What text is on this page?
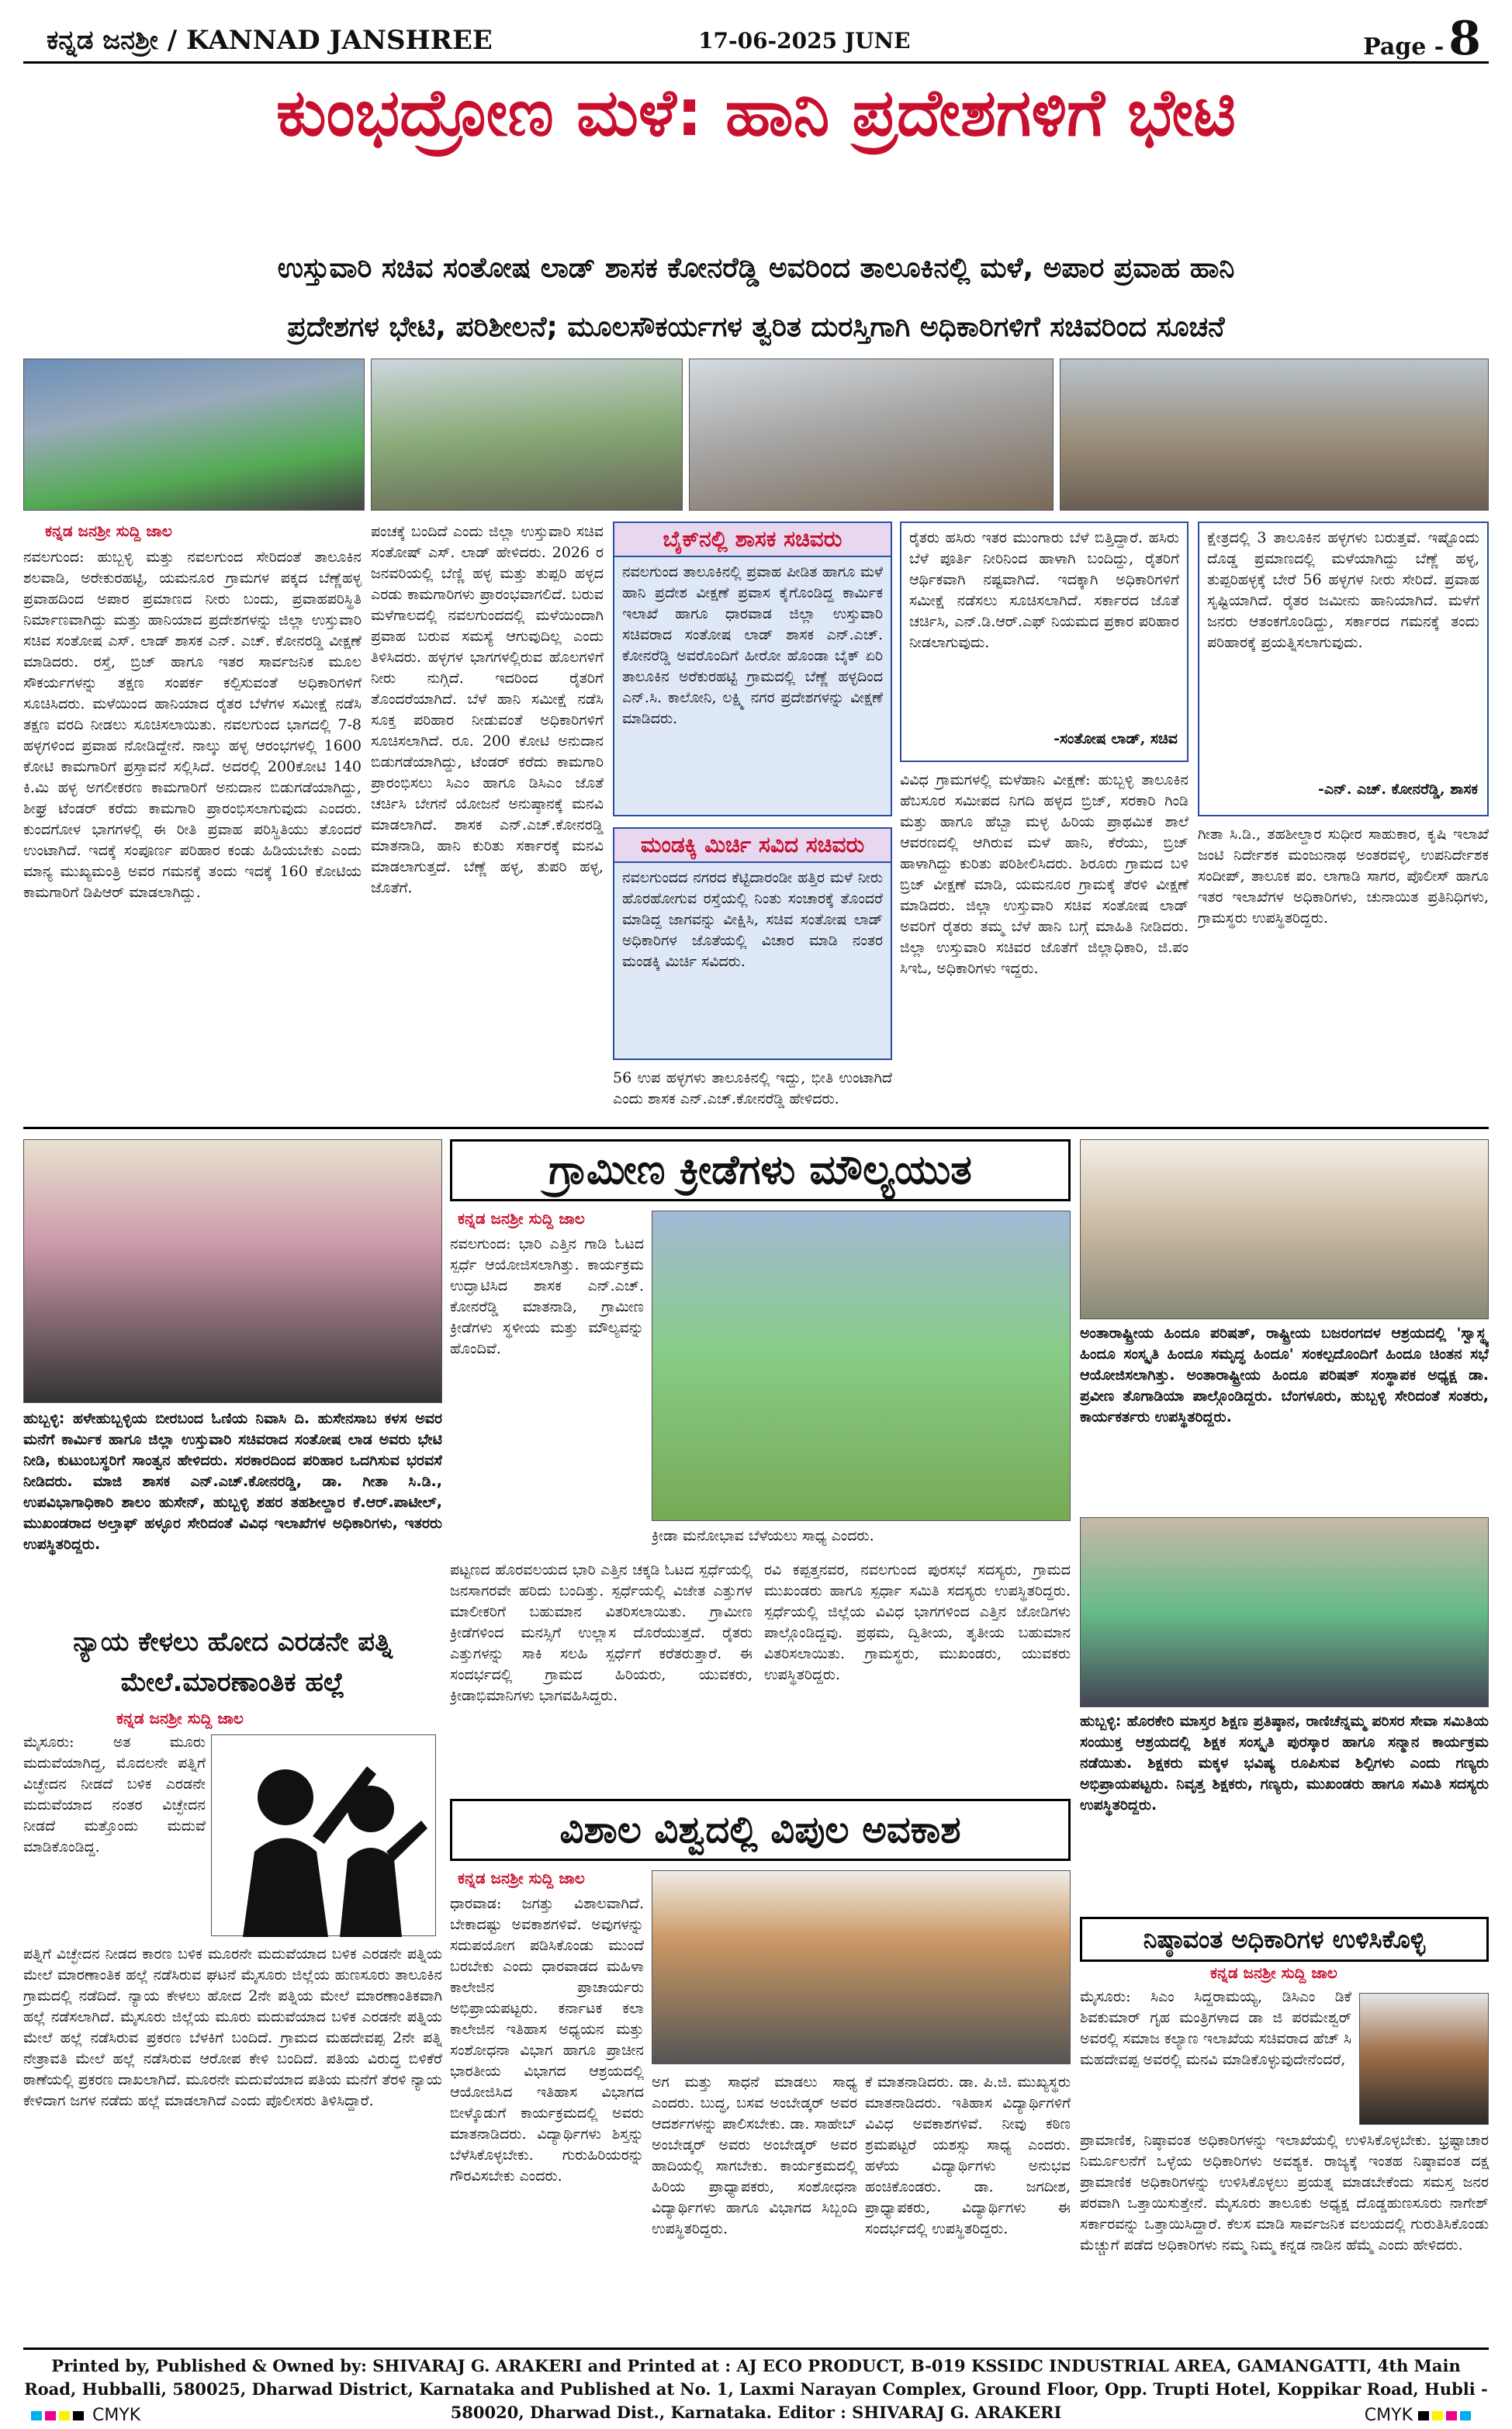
ಕನ್ನಡ ಜನಶ್ರೀ / KANNAD JANSHREE	17-06-2025 JUNE	Page - 8
ಕುಂಭದ್ರೋಣ ಮಳೆ: ಹಾನಿ ಪ್ರದೇಶಗಳಿಗೆ ಭೇಟಿ
ಉಸ್ತುವಾರಿ ಸಚಿವ ಸಂತೋಷ ಲಾಡ್ ಶಾಸಕ ಕೋನರೆಡ್ಡಿ ಅವರಿಂದ ತಾಲೂಕಿನಲ್ಲಿ ಮಳೆ, ಅಪಾರ ಪ್ರವಾಹ ಹಾನಿ
ಪ್ರದೇಶಗಳ ಭೇಟಿ, ಪರಿಶೀಲನೆ; ಮೂಲಸೌಕರ್ಯಗಳ ತ್ವರಿತ ದುರಸ್ತಿಗಾಗಿ ಅಧಿಕಾರಿಗಳಿಗೆ ಸಚಿವರಿಂದ ಸೂಚನೆ
ಕನ್ನಡ ಜನಶ್ರೀ ಸುದ್ದಿ ಜಾಲ
ನವಲಗುಂದ: ಹುಬ್ಬಳ್ಳಿ ಮತ್ತು ನವಲಗುಂದ ಸೇರಿದಂತೆ ತಾಲೂಕಿನ ಶಲವಾಡಿ, ಅರೇಕುರಹಟ್ಟಿ, ಯಮನೂರ ಗ್ರಾಮಗಳ ಪಕ್ಕದ ಬೆಣ್ಣೆಹಳ್ಳ ಪ್ರವಾಹದಿಂದ ಅಪಾರ ಪ್ರಮಾಣದ ನೀರು ಬಂದು, ಪ್ರವಾಹಪರಿಸ್ಥಿತಿ ನಿರ್ಮಾಣವಾಗಿದ್ದು ಮತ್ತು ಹಾನಿಯಾದ ಪ್ರದೇಶಗಳನ್ನು ಜಿಲ್ಲಾ ಉಸ್ತುವಾರಿ ಸಚಿವ ಸಂತೋಷ ಎಸ್. ಲಾಡ್ ಶಾಸಕ ಎನ್. ಎಚ್. ಕೋನರಡ್ಡಿ ವೀಕ್ಷಣೆ ಮಾಡಿದರು. ರಸ್ತೆ, ಬ್ರಿಜ್ ಹಾಗೂ ಇತರ ಸಾರ್ವಜನಿಕ ಮೂಲ ಸೌಕರ್ಯಗಳನ್ನು ತಕ್ಷಣ ಸಂಪರ್ಕ ಕಲ್ಪಿಸುವಂತೆ ಅಧಿಕಾರಿಗಳಿಗೆ ಸೂಚಿಸಿದರು. ಮಳೆಯಿಂದ ಹಾನಿಯಾದ ರೈತರ ಬೆಳೆಗಳ ಸಮೀಕ್ಷೆ ನಡೆಸಿ ತಕ್ಷಣ ವರದಿ ನೀಡಲು ಸೂಚಿಸಲಾಯಿತು. ನವಲಗುಂದ ಭಾಗದಲ್ಲಿ 7-8 ಹಳ್ಳಗಳಿಂದ ಪ್ರವಾಹ ನೋಡಿದ್ದೇನೆ. ನಾಲ್ಕು ಹಳ್ಳ ಆರಂಭಗಳಲ್ಲಿ 1600 ಕೋಟಿ ಕಾಮಗಾರಿಗೆ ಪ್ರಸ್ತಾವನೆ ಸಲ್ಲಿಸಿದೆ. ಅದರಲ್ಲಿ 200ಕೋಟಿ 140 ಕಿ.ಮಿ ಹಳ್ಳ ಅಗಲೀಕರಣ ಕಾಮಗಾರಿಗೆ ಅನುದಾನ ಬಿಡುಗಡೆಯಾಗಿದ್ದು, ಶೀಘ್ರ ಟೆಂಡರ್ ಕರೆದು ಕಾಮಗಾರಿ ಪ್ರಾರಂಭಿಸಲಾಗುವುದು ಎಂದರು. ಕುಂದಗೋಳ ಭಾಗಗಳಲ್ಲಿ ಈ ರೀತಿ ಪ್ರವಾಹ ಪರಿಸ್ಥಿತಿಯು ತೊಂದರೆ ಉಂಟಾಗಿದೆ. ಇದಕ್ಕೆ ಸಂಪೂರ್ಣ ಪರಿಹಾರ ಕಂಡು ಹಿಡಿಯಬೇಕು ಎಂದು ಮಾನ್ಯ ಮುಖ್ಯಮಂತ್ರಿ ಅವರ ಗಮನಕ್ಕೆ ತಂದು ಇದಕ್ಕೆ 160 ಕೋಟಿಯ ಕಾಮಗಾರಿಗೆ ಡಿಪಿಆರ್ ಮಾಡಲಾಗಿದ್ದು.
ಪಂಚಕ್ಕೆ ಬಂದಿದೆ ಎಂದು ಜಿಲ್ಲಾ ಉಸ್ತುವಾರಿ ಸಚಿವ ಸಂತೋಷ್ ಎಸ್. ಲಾಡ್ ಹೇಳಿದರು. 2026 ರ ಜನವರಿಯಲ್ಲಿ ಬೆಣ್ಣಿ ಹಳ್ಳ ಮತ್ತು ತುಪ್ಪರಿ ಹಳ್ಳದ ಎರಡು ಕಾಮಗಾರಿಗಳು ಪ್ರಾರಂಭವಾಗಲಿದೆ. ಬರುವ ಮಳೆಗಾಲದಲ್ಲಿ ನವಲಗುಂದದಲ್ಲಿ ಮಳೆಯಿಂದಾಗಿ ಪ್ರವಾಹ ಬರುವ ಸಮಸ್ಯೆ ಆಗುವುದಿಲ್ಲ ಎಂದು ತಿಳಿಸಿದರು. ಹಳ್ಳಗಳ ಭಾಗಗಳಲ್ಲಿರುವ ಹೊಲಗಳಿಗೆ ನೀರು ನುಗ್ಗಿದೆ. ಇದರಿಂದ ರೈತರಿಗೆ ತೊಂದರೆಯಾಗಿದೆ. ಬೆಳೆ ಹಾನಿ ಸಮೀಕ್ಷೆ ನಡೆಸಿ ಸೂಕ್ತ ಪರಿಹಾರ ನೀಡುವಂತೆ ಅಧಿಕಾರಿಗಳಿಗೆ ಸೂಚಿಸಲಾಗಿದೆ. ರೂ. 200 ಕೋಟಿ ಅನುದಾನ ಬಿಡುಗಡೆಯಾಗಿದ್ದು, ಟೆಂಡರ್ ಕರೆದು ಕಾಮಗಾರಿ ಪ್ರಾರಂಭಿಸಲು ಸಿಎಂ ಹಾಗೂ ಡಿಸಿಎಂ ಜೊತೆ ಚರ್ಚಿಸಿ ಬೇಗನೆ ಯೋಜನೆ ಅನುಷ್ಠಾನಕ್ಕೆ ಮನವಿ ಮಾಡಲಾಗಿದೆ. ಶಾಸಕ ಎನ್.ಎಚ್.ಕೋನರಡ್ಡಿ ಮಾತನಾಡಿ, ಹಾನಿ ಕುರಿತು ಸರ್ಕಾರಕ್ಕೆ ಮನವಿ ಮಾಡಲಾಗುತ್ತದೆ. ಬೆಣ್ಣೆ ಹಳ್ಳ, ತುಪರಿ ಹಳ್ಳ, ಜೊತೆಗೆ.
ಬೈಕ್‌ನಲ್ಲಿ ಶಾಸಕ ಸಚಿವರು
ನವಲಗುಂದ ತಾಲೂಕಿನಲ್ಲಿ ಪ್ರವಾಹ ಪೀಡಿತ ಹಾಗೂ ಮಳೆ ಹಾನಿ ಪ್ರದೇಶ ವೀಕ್ಷಣೆ ಪ್ರವಾಸ ಕೈಗೊಂಡಿದ್ದ ಕಾರ್ಮಿಕ ಇಲಾಖೆ ಹಾಗೂ ಧಾರವಾಡ ಜಿಲ್ಲಾ ಉಸ್ತುವಾರಿ ಸಚಿವರಾದ ಸಂತೋಷ ಲಾಡ್ ಶಾಸಕ ಎನ್.ಎಚ್. ಕೋನರೆಡ್ಡಿ ಅವರೊಂದಿಗೆ ಹೀರೋ ಹೊಂಡಾ ಬೈಕ್ ಏರಿ ತಾಲೂಕಿನ ಅರೆಕುರಹಟ್ಟಿ ಗ್ರಾಮದಲ್ಲಿ ಬೆಣ್ಣೆ ಹಳ್ಳದಿಂದ ಎನ್.ಸಿ. ಕಾಲೋನಿ, ಲಕ್ಷ್ಮಿ ನಗರ ಪ್ರದೇಶಗಳನ್ನು ವೀಕ್ಷಣೆ ಮಾಡಿದರು.
ರೈತರು ಹಸಿರು ಇತರ ಮುಂಗಾರು ಬೆಳೆ ಬಿತ್ತಿದ್ದಾರೆ. ಹಸಿರು ಬೆಳೆ ಪೂರ್ತಿ ನೀರಿನಿಂದ ಹಾಳಾಗಿ ಬಂದಿದ್ದು, ರೈತರಿಗೆ ಆರ್ಥಿಕವಾಗಿ ನಷ್ಟವಾಗಿದೆ. ಇದಕ್ಕಾಗಿ ಅಧಿಕಾರಿಗಳಿಗೆ ಸಮೀಕ್ಷೆ ನಡೆಸಲು ಸೂಚಿಸಲಾಗಿದೆ. ಸರ್ಕಾರದ ಜೊತೆ ಚರ್ಚಿಸಿ, ಎನ್.ಡಿ.ಆರ್.ಎಫ್ ನಿಯಮದ ಪ್ರಕಾರ ಪರಿಹಾರ ನೀಡಲಾಗುವುದು.
-ಸಂತೋಷ ಲಾಡ್, ಸಚಿವ
ಕ್ಷೇತ್ರದಲ್ಲಿ 3 ತಾಲೂಕಿನ ಹಳ್ಳಗಳು ಬರುತ್ತವೆ. ಇಷ್ಟೊಂದು ದೊಡ್ಡ ಪ್ರಮಾಣದಲ್ಲಿ ಮಳೆಯಾಗಿದ್ದು ಬೆಣ್ಣೆ ಹಳ್ಳ, ತುಪ್ಪರಿಹಳ್ಳಕ್ಕೆ ಬೇರೆ 56 ಹಳ್ಳಗಳ ನೀರು ಸೇರಿದೆ. ಪ್ರವಾಹ ಸೃಷ್ಟಿಯಾಗಿದೆ. ರೈತರ ಜಮೀನು ಹಾನಿಯಾಗಿದೆ. ಮಳೆಗೆ ಜನರು ಆತಂಕಗೊಂಡಿದ್ದು, ಸರ್ಕಾರದ ಗಮನಕ್ಕೆ ತಂದು ಪರಿಹಾರಕ್ಕೆ ಪ್ರಯತ್ನಿಸಲಾಗುವುದು.
-ಎನ್. ಎಚ್. ಕೋನರೆಡ್ಡಿ, ಶಾಸಕ
ಮಂಡಕ್ಕಿ ಮಿರ್ಚಿ ಸವಿದ ಸಚಿವರು
ನವಲಗುಂದದ ನಗರದ ಕೆಟ್ಟಿದಾರಂಡೀ ಹತ್ತಿರ ಮಳೆ ನೀರು ಹೊರಹೋಗುವ ರಸ್ತೆಯಲ್ಲಿ ನಿಂತು ಸಂಚಾರಕ್ಕೆ ತೊಂದರೆ ಮಾಡಿದ್ದ ಜಾಗವನ್ನು ವೀಕ್ಷಿಸಿ, ಸಚಿವ ಸಂತೋಷ ಲಾಡ್ ಅಧಿಕಾರಿಗಳ ಜೊತೆಯಲ್ಲಿ ವಿಚಾರ ಮಾಡಿ ನಂತರ ಮಂಡಕ್ಕಿ ಮಿರ್ಚಿ ಸವಿದರು.
56 ಉಪ ಹಳ್ಳಗಳು ತಾಲೂಕಿನಲ್ಲಿ ಇದ್ದು, ಭೀತಿ ಉಂಟಾಗಿದೆ ಎಂದು ಶಾಸಕ ಎನ್.ಎಚ್.ಕೋನರೆಡ್ಡಿ ಹೇಳಿದರು.
ವಿವಿಧ ಗ್ರಾಮಗಳಲ್ಲಿ ಮಳೆಹಾನಿ ವೀಕ್ಷಣೆ: ಹುಬ್ಬಳ್ಳಿ ತಾಲೂಕಿನ ಹೆಬಸೂರ ಸಮೀಪದ ನಿಗದಿ ಹಳ್ಳದ ಬ್ರಿಜ್, ಸರಕಾರಿ ಗಿಂಡಿ ಮತ್ತು ಹಾಗೂ ಹೆಬ್ಬಾ ಮಳ್ಳ ಹಿರಿಯ ಪ್ರಾಥಮಿಕ ಶಾಲೆ ಆವರಣದಲ್ಲಿ ಆಗಿರುವ ಮಳೆ ಹಾನಿ, ಕೆರೆಯು, ಬ್ರಿಜ್ ಹಾಳಾಗಿದ್ದು ಕುರಿತು ಪರಿಶೀಲಿಸಿದರು. ಶಿರೂರು ಗ್ರಾಮದ ಬಳಿ ಬ್ರಿಜ್ ವೀಕ್ಷಣೆ ಮಾಡಿ, ಯಮನೂರ ಗ್ರಾಮಕ್ಕೆ ತೆರಳಿ ವೀಕ್ಷಣೆ ಮಾಡಿದರು. ಜಿಲ್ಲಾ ಉಸ್ತುವಾರಿ ಸಚಿವ ಸಂತೋಷ ಲಾಡ್ ಅವರಿಗೆ ರೈತರು ತಮ್ಮ ಬೆಳೆ ಹಾನಿ ಬಗ್ಗೆ ಮಾಹಿತಿ ನೀಡಿದರು. ಜಿಲ್ಲಾ ಉಸ್ತುವಾರಿ ಸಚಿವರ ಜೊತೆಗೆ ಜಿಲ್ಲಾಧಿಕಾರಿ, ಜಿ.ಪಂ ಸಿಇಓ, ಅಧಿಕಾರಿಗಳು ಇದ್ದರು.
ಗೀತಾ ಸಿ.ಡಿ., ತಹಶೀಲ್ದಾರ ಸುಧೀರ ಸಾಹುಕಾರ, ಕೃಷಿ ಇಲಾಖೆ ಜಂಟಿ ನಿರ್ದೇಶಕ ಮಂಜುನಾಥ ಅಂತರವಳ್ಳಿ, ಉಪನಿರ್ದೇಶಕ ಸಂದೀಪ್, ತಾಲೂಕ ಪಂ. ಲಾಗಾಡಿ ಸಾಗರ, ಪೊಲೀಸ್ ಹಾಗೂ ಇತರ ಇಲಾಖೆಗಳ ಅಧಿಕಾರಿಗಳು, ಚುನಾಯಿತ ಪ್ರತಿನಿಧಿಗಳು, ಗ್ರಾಮಸ್ಥರು ಉಪಸ್ಥಿತರಿದ್ದರು.
ಹುಬ್ಬಳ್ಳಿ: ಹಳೇಹುಬ್ಬಳ್ಳಿಯ ಬೀರಬಂದ ಓಣಿಯ ನಿವಾಸಿ ದಿ. ಹುಸೇನಸಾಬ ಕಳಸ ಅವರ ಮನೆಗೆ ಕಾರ್ಮಿಕ ಹಾಗೂ ಜಿಲ್ಲಾ ಉಸ್ತುವಾರಿ ಸಚಿವರಾದ ಸಂತೋಷ ಲಾಡ ಅವರು ಭೇಟಿ ನೀಡಿ, ಕುಟುಂಬಸ್ಥರಿಗೆ ಸಾಂತ್ವನ ಹೇಳಿದರು. ಸರಕಾರದಿಂದ ಪರಿಹಾರ ಒದಗಿಸುವ ಭರವಸೆ ನೀಡಿದರು. ಮಾಜಿ ಶಾಸಕ ಎನ್.ಎಚ್.ಕೋನರಡ್ಡಿ, ಡಾ. ಗೀತಾ ಸಿ.ಡಿ., ಉಪವಿಭಾಗಾಧಿಕಾರಿ ಶಾಲಂ ಹುಸೇನ್, ಹುಬ್ಬಳ್ಳಿ ಶಹರ ತಹಶೀಲ್ದಾರ ಕೆ.ಆರ್.ಪಾಟೀಲ್, ಮುಖಂಡರಾದ ಅಲ್ತಾಫ್ ಹಳ್ಳೂರ ಸೇರಿದಂತೆ ವಿವಿಧ ಇಲಾಖೆಗಳ ಅಧಿಕಾರಿಗಳು, ಇತರರು ಉಪಸ್ಥಿತರಿದ್ದರು.
ನ್ಯಾಯ ಕೇಳಲು ಹೋದ ಎರಡನೇ ಪತ್ನಿ ಮೇಲೆ.ಮಾರಣಾಂತಿಕ ಹಲ್ಲೆ
ಕನ್ನಡ ಜನಶ್ರೀ ಸುದ್ದಿ ಜಾಲ
ಮೈಸೂರು: ಅತ ಮೂರು ಮದುವೆಯಾಗಿದ್ದ, ಮೊದಲನೇ ಪತ್ನಿಗೆ ವಿಚ್ಛೇದನ ನೀಡದೆ ಬಳಿಕ ಎರಡನೇ ಮದುವೆಯಾದ ನಂತರ ವಿಚ್ಛೇದನ ನೀಡದೆ ಮತ್ತೊಂದು ಮದುವೆ ಮಾಡಿಕೊಂಡಿದ್ದ.
ಪತ್ನಿಗೆ ವಿಚ್ಛೇದನ ನೀಡದ ಕಾರಣ ಬಳಿಕ ಮೂರನೇ ಮದುವೆಯಾದ ಬಳಿಕ ಎರಡನೇ ಪತ್ನಿಯ ಮೇಲೆ ಮಾರಣಾಂತಿಕ ಹಲ್ಲೆ ನಡೆಸಿರುವ ಘಟನೆ ಮೈಸೂರು ಜಿಲ್ಲೆಯ ಹುಣಸೂರು ತಾಲೂಕಿನ ಗ್ರಾಮದಲ್ಲಿ ನಡೆದಿದೆ. ನ್ಯಾಯ ಕೇಳಲು ಹೋದ 2ನೇ ಪತ್ನಿಯ ಮೇಲೆ ಮಾರಣಾಂತಿಕವಾಗಿ ಹಲ್ಲೆ ನಡೆಸಲಾಗಿದೆ. ಮೈಸೂರು ಜಿಲ್ಲೆಯ ಮೂರು ಮದುವೆಯಾದ ಬಳಿಕ ಎರಡನೇ ಪತ್ನಿಯ ಮೇಲೆ ಹಲ್ಲೆ ನಡೆಸಿರುವ ಪ್ರಕರಣ ಬೆಳಕಿಗೆ ಬಂದಿದೆ. ಗ್ರಾಮದ ಮಹದೇವಪ್ಪ 2ನೇ ಪತ್ನಿ ನೇತ್ರಾವತಿ ಮೇಲೆ ಹಲ್ಲೆ ನಡೆಸಿರುವ ಆರೋಪ ಕೇಳಿ ಬಂದಿದೆ. ಪತಿಯ ವಿರುದ್ಧ ಬಿಳಿಕೆರೆ ಠಾಣೆಯಲ್ಲಿ ಪ್ರಕರಣ ದಾಖಲಾಗಿದೆ. ಮೂರನೇ ಮದುವೆಯಾದ ಪತಿಯ ಮನೆಗೆ ತೆರಳಿ ನ್ಯಾಯ ಕೇಳಿದಾಗ ಜಗಳ ನಡೆದು ಹಲ್ಲೆ ಮಾಡಲಾಗಿದೆ ಎಂದು ಪೊಲೀಸರು ತಿಳಿಸಿದ್ದಾರೆ.
ಗ್ರಾಮೀಣ ಕ್ರೀಡೆಗಳು ಮೌಲ್ಯಯುತ
ಕನ್ನಡ ಜನಶ್ರೀ ಸುದ್ದಿ ಜಾಲ
ನವಲಗುಂದ: ಭಾರಿ ಎತ್ತಿನ ಗಾಡಿ ಓಟದ ಸ್ಪರ್ಧೆ ಆಯೋಜಿಸಲಾಗಿತ್ತು. ಕಾರ್ಯಕ್ರಮ ಉದ್ಘಾಟಿಸಿದ ಶಾಸಕ ಎನ್.ಎಚ್. ಕೋನರೆಡ್ಡಿ ಮಾತನಾಡಿ, ಗ್ರಾಮೀಣ ಕ್ರೀಡೆಗಳು ಸ್ಥಳೀಯ ಮತ್ತು ಮೌಲ್ಯವನ್ನು ಹೊಂದಿವೆ.
ಕ್ರೀಡಾ ಮನೋಭಾವ ಬೆಳೆಯಲು ಸಾಧ್ಯ ಎಂದರು.
ಪಟ್ಟಣದ ಹೊರವಲಯದ ಭಾರಿ ಎತ್ತಿನ ಚಕ್ಕಡಿ ಓಟದ ಸ್ಪರ್ಧೆಯಲ್ಲಿ ಜನಸಾಗರವೇ ಹರಿದು ಬಂದಿತ್ತು. ಸ್ಪರ್ಧೆಯಲ್ಲಿ ವಿಜೇತ ಎತ್ತುಗಳ ಮಾಲೀಕರಿಗೆ ಬಹುಮಾನ ವಿತರಿಸಲಾಯಿತು. ಗ್ರಾಮೀಣ ಕ್ರೀಡೆಗಳಿಂದ ಮನಸ್ಸಿಗೆ ಉಲ್ಲಾಸ ದೊರೆಯುತ್ತದೆ. ರೈತರು ಎತ್ತುಗಳನ್ನು ಸಾಕಿ ಸಲಹಿ ಸ್ಪರ್ಧೆಗೆ ಕರೆತರುತ್ತಾರೆ. ಈ ಸಂದರ್ಭದಲ್ಲಿ ಗ್ರಾಮದ ಹಿರಿಯರು, ಯುವಕರು, ಕ್ರೀಡಾಭಿಮಾನಿಗಳು ಭಾಗವಹಿಸಿದ್ದರು.
ರವಿ ಕಪ್ಪತ್ತನವರ, ನವಲಗುಂದ ಪುರಸಭೆ ಸದಸ್ಯರು, ಗ್ರಾಮದ ಮುಖಂಡರು ಹಾಗೂ ಸ್ಪರ್ಧಾ ಸಮಿತಿ ಸದಸ್ಯರು ಉಪಸ್ಥಿತರಿದ್ದರು. ಸ್ಪರ್ಧೆಯಲ್ಲಿ ಜಿಲ್ಲೆಯ ವಿವಿಧ ಭಾಗಗಳಿಂದ ಎತ್ತಿನ ಜೋಡಿಗಳು ಪಾಲ್ಗೊಂಡಿದ್ದವು. ಪ್ರಥಮ, ದ್ವಿತೀಯ, ತೃತೀಯ ಬಹುಮಾನ ವಿತರಿಸಲಾಯಿತು. ಗ್ರಾಮಸ್ಥರು, ಮುಖಂಡರು, ಯುವಕರು ಉಪಸ್ಥಿತರಿದ್ದರು.
ವಿಶಾಲ ವಿಶ್ವದಲ್ಲಿ ವಿಪುಲ ಅವಕಾಶ
ಕನ್ನಡ ಜನಶ್ರೀ ಸುದ್ದಿ ಜಾಲ
ಧಾರವಾಡ: ಜಗತ್ತು ವಿಶಾಲವಾಗಿದೆ. ಬೇಕಾದಷ್ಟು ಅವಕಾಶಗಳಿವೆ. ಅವುಗಳನ್ನು ಸದುಪಯೋಗ ಪಡಿಸಿಕೊಂಡು ಮುಂದೆ ಬರಬೇಕು ಎಂದು ಧಾರವಾಡದ ಮಹಿಳಾ ಕಾಲೇಜಿನ ಪ್ರಾಚಾರ್ಯರು ಅಭಿಪ್ರಾಯಪಟ್ಟರು. ಕರ್ನಾಟಕ ಕಲಾ ಕಾಲೇಜಿನ ಇತಿಹಾಸ ಅಧ್ಯಯನ ಮತ್ತು ಸಂಶೋಧನಾ ವಿಭಾಗ ಹಾಗೂ ಪ್ರಾಚೀನ ಭಾರತೀಯ ವಿಭಾಗದ ಆಶ್ರಯದಲ್ಲಿ ಆಯೋಜಿಸಿದ ಇತಿಹಾಸ ವಿಭಾಗದ ಬೀಳ್ಕೊಡುಗೆ ಕಾರ್ಯಕ್ರಮದಲ್ಲಿ ಅವರು ಮಾತನಾಡಿದರು. ವಿದ್ಯಾರ್ಥಿಗಳು ಶಿಸ್ತನ್ನು ಬೆಳೆಸಿಕೊಳ್ಳಬೇಕು. ಗುರುಹಿರಿಯರನ್ನು ಗೌರವಿಸಬೇಕು ಎಂದರು.
ಅಗ ಮತ್ತು ಸಾಧನೆ ಮಾಡಲು ಸಾಧ್ಯ ಎಂದರು. ಬುದ್ಧ, ಬಸವ ಅಂಬೇಡ್ಕರ್ ಅವರ ಆದರ್ಶಗಳನ್ನು ಪಾಲಿಸಬೇಕು. ಡಾ. ಸಾಹೇಬ್ ಅಂಬೇಡ್ಕರ್ ಅವರು ಅಂಬೇಡ್ಕರ್ ಅವರ ಹಾದಿಯಲ್ಲಿ ಸಾಗಬೇಕು. ಕಾರ್ಯಕ್ರಮದಲ್ಲಿ ಹಿರಿಯ ಪ್ರಾಧ್ಯಾಪಕರು, ಸಂಶೋಧನಾ ವಿದ್ಯಾರ್ಥಿಗಳು ಹಾಗೂ ವಿಭಾಗದ ಸಿಬ್ಬಂದಿ ಉಪಸ್ಥಿತರಿದ್ದರು.
ಕೆ ಮಾತನಾಡಿದರು. ಡಾ. ಪಿ.ಜಿ. ಮುಖ್ಯಸ್ಥರು ಮಾತನಾಡಿದರು. ಇತಿಹಾಸ ವಿದ್ಯಾರ್ಥಿಗಳಿಗೆ ವಿವಿಧ ಅವಕಾಶಗಳಿವೆ. ನೀವು ಕಠಿಣ ಶ್ರಮಪಟ್ಟರೆ ಯಶಸ್ಸು ಸಾಧ್ಯ ಎಂದರು. ಹಳೆಯ ವಿದ್ಯಾರ್ಥಿಗಳು ಅನುಭವ ಹಂಚಿಕೊಂಡರು. ಡಾ. ಜಗದೀಶ, ಪ್ರಾಧ್ಯಾಪಕರು, ವಿದ್ಯಾರ್ಥಿಗಳು ಈ ಸಂದರ್ಭದಲ್ಲಿ ಉಪಸ್ಥಿತರಿದ್ದರು.
ಅಂತಾರಾಷ್ಟ್ರೀಯ ಹಿಂದೂ ಪರಿಷತ್, ರಾಷ್ಟ್ರೀಯ ಬಜರಂಗದಳ ಆಶ್ರಯದಲ್ಲಿ 'ಸ್ವಾಸ್ಥ್ಯ ಹಿಂದೂ ಸಂಸ್ಕೃತಿ ಹಿಂದೂ ಸಮೃದ್ಧ ಹಿಂದೂ' ಸಂಕಲ್ಪದೊಂದಿಗೆ ಹಿಂದೂ ಚಿಂತನ ಸಭೆ ಆಯೋಜಿಸಲಾಗಿತ್ತು. ಅಂತಾರಾಷ್ಟ್ರೀಯ ಹಿಂದೂ ಪರಿಷತ್ ಸಂಸ್ಥಾಪಕ ಅಧ್ಯಕ್ಷ ಡಾ. ಪ್ರವೀಣ ತೊಗಾಡಿಯಾ ಪಾಲ್ಗೊಂಡಿದ್ದರು. ಬೆಂಗಳೂರು, ಹುಬ್ಬಳ್ಳಿ ಸೇರಿದಂತೆ ಸಂತರು, ಕಾರ್ಯಕರ್ತರು ಉಪಸ್ಥಿತರಿದ್ದರು.
ಹುಬ್ಬಳ್ಳಿ: ಹೊರಕೇರಿ ಮಾಸ್ತರ ಶಿಕ್ಷಣ ಪ್ರತಿಷ್ಠಾನ, ರಾಣಿಚೆನ್ನಮ್ಮ ಪರಿಸರ ಸೇವಾ ಸಮಿತಿಯ ಸಂಯುಕ್ತ ಆಶ್ರಯದಲ್ಲಿ ಶಿಕ್ಷಕ ಸಂಸ್ಕೃತಿ ಪುರಸ್ಕಾರ ಹಾಗೂ ಸನ್ಮಾನ ಕಾರ್ಯಕ್ರಮ ನಡೆಯಿತು. ಶಿಕ್ಷಕರು ಮಕ್ಕಳ ಭವಿಷ್ಯ ರೂಪಿಸುವ ಶಿಲ್ಪಿಗಳು ಎಂದು ಗಣ್ಯರು ಅಭಿಪ್ರಾಯಪಟ್ಟರು. ನಿವೃತ್ತ ಶಿಕ್ಷಕರು, ಗಣ್ಯರು, ಮುಖಂಡರು ಹಾಗೂ ಸಮಿತಿ ಸದಸ್ಯರು ಉಪಸ್ಥಿತರಿದ್ದರು.
ನಿಷ್ಠಾವಂತ ಅಧಿಕಾರಿಗಳ ಉಳಿಸಿಕೊಳ್ಳಿ
ಕನ್ನಡ ಜನಶ್ರೀ ಸುದ್ದಿ ಜಾಲ
ಮೈಸೂರು: ಸಿಎಂ ಸಿದ್ದರಾಮಯ್ಯ, ಡಿಸಿಎಂ ಡಿಕೆ ಶಿವಕುಮಾರ್ ಗೃಹ ಮಂತ್ರಿಗಳಾದ ಡಾ ಜಿ ಪರಮೇಶ್ವರ್ ಅವರಲ್ಲಿ ಸಮಾಜ ಕಲ್ಯಾಣ ಇಲಾಖೆಯ ಸಚಿವರಾದ ಹೆಚ್ ಸಿ ಮಹದೇವಪ್ಪ ಅವರಲ್ಲಿ ಮನವಿ ಮಾಡಿಕೊಳ್ಳುವುದೇನೆಂದರೆ,
ಪ್ರಾಮಾಣಿಕ, ನಿಷ್ಠಾವಂತ ಅಧಿಕಾರಿಗಳನ್ನು ಇಲಾಖೆಯಲ್ಲಿ ಉಳಿಸಿಕೊಳ್ಳಬೇಕು. ಭ್ರಷ್ಟಾಚಾರ ನಿರ್ಮೂಲನೆಗೆ ಒಳ್ಳೆಯ ಅಧಿಕಾರಿಗಳು ಅವಶ್ಯಕ. ರಾಜ್ಯಕ್ಕೆ ಇಂತಹ ನಿಷ್ಠಾವಂತ ದಕ್ಷ ಪ್ರಾಮಾಣಿಕ ಅಧಿಕಾರಿಗಳನ್ನು ಉಳಿಸಿಕೊಳ್ಳಲು ಪ್ರಯತ್ನ ಮಾಡಬೇಕೆಂದು ಸಮಸ್ತ ಜನರ ಪರವಾಗಿ ಒತ್ತಾಯಿಸುತ್ತೇನೆ. ಮೈಸೂರು ತಾಲೂಕು ಅಧ್ಯಕ್ಷ ದೊಡ್ಡಹುಣಸೂರು ನಾಗೇಶ್ ಸರ್ಕಾರವನ್ನು ಒತ್ತಾಯಿಸಿದ್ದಾರೆ. ಕೆಲಸ ಮಾಡಿ ಸಾರ್ವಜನಿಕ ವಲಯದಲ್ಲಿ ಗುರುತಿಸಿಕೊಂಡು ಮೆಚ್ಚುಗೆ ಪಡೆದ ಅಧಿಕಾರಿಗಳು ನಮ್ಮ ನಿಮ್ಮ ಕನ್ನಡ ನಾಡಿನ ಹೆಮ್ಮೆ ಎಂದು ಹೇಳಿದರು.
Printed by, Published & Owned by: SHIVARAJ G. ARAKERI and Printed at : AJ ECO PRODUCT, B-019 KSSIDC INDUSTRIAL AREA, GAMANGATTI, 4th Main Road, Hubballi, 580025, Dharwad District, Karnataka and Published at No. 1, Laxmi Narayan Complex, Ground Floor, Opp. Trupti Hotel, Koppikar Road, Hubli - 580020, Dharwad Dist., Karnataka. Editor : SHIVARAJ G. ARAKERI
CMYK	CMYK
